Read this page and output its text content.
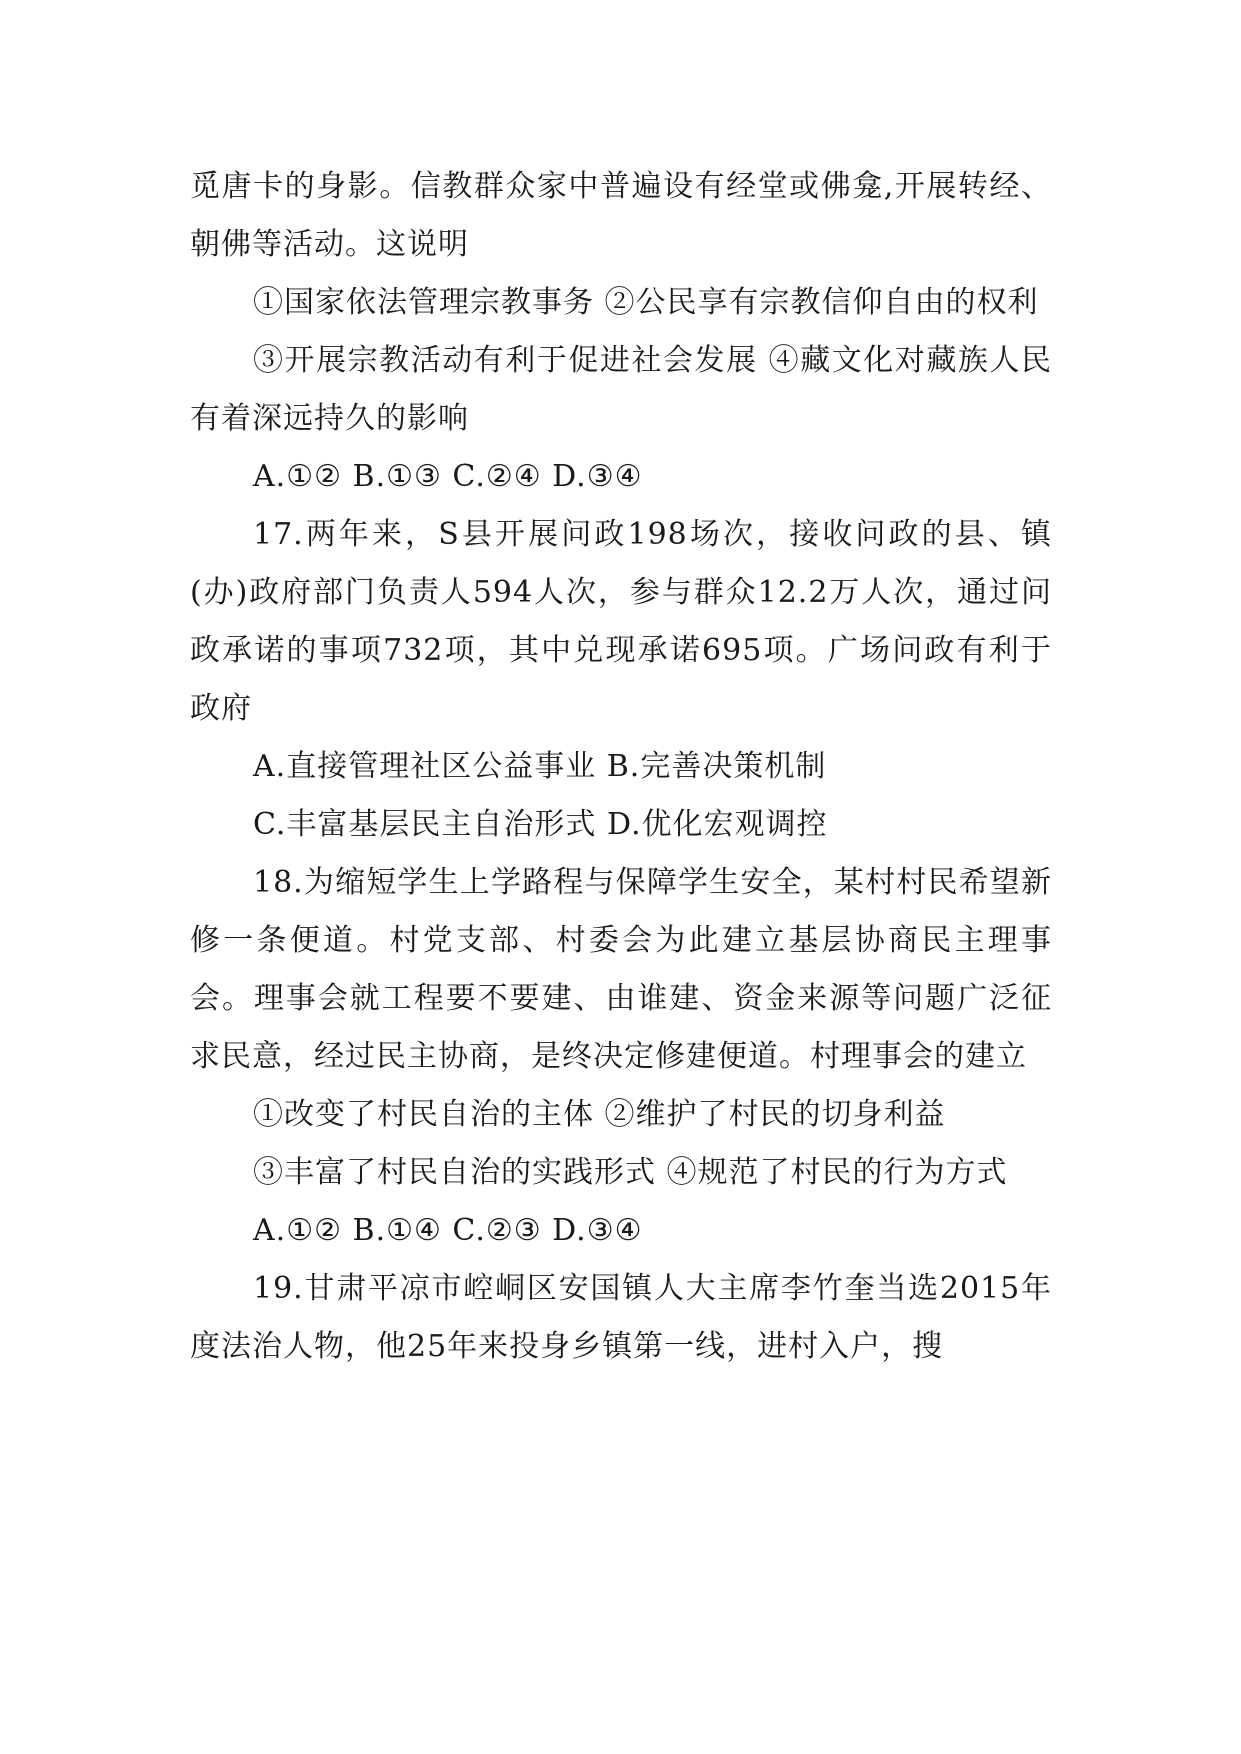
觅唐卡的身影。信教群众家中普遍设有经堂或佛龛,开展转经、朝佛等活动。这说明

①国家依法管理宗教事务 ②公民享有宗教信仰自由的权利

③开展宗教活动有利于促进社会发展 ④藏文化对藏族人民有着深远持久的影响

A.①② B.①③ C.②④ D.③④

17.两年来，S县开展问政198场次，接收问政的县、镇(办)政府部门负责人594人次，参与群众12.2万人次，通过问政承诺的事项732项，其中兑现承诺695项。广场问政有利于政府

A.直接管理社区公益事业 B.完善决策机制

C.丰富基层民主自治形式 D.优化宏观调控

18.为缩短学生上学路程与保障学生安全，某村村民希望新修一条便道。村党支部、村委会为此建立基层协商民主理事会。理事会就工程要不要建、由谁建、资金来源等问题广泛征求民意，经过民主协商，是终决定修建便道。村理事会的建立

①改变了村民自治的主体 ②维护了村民的切身利益

③丰富了村民自治的实践形式 ④规范了村民的行为方式

A.①② B.①④ C.②③ D.③④

19.甘肃平凉市崆峒区安国镇人大主席李竹奎当选2015年度法治人物，他25年来投身乡镇第一线，进村入户，搜
